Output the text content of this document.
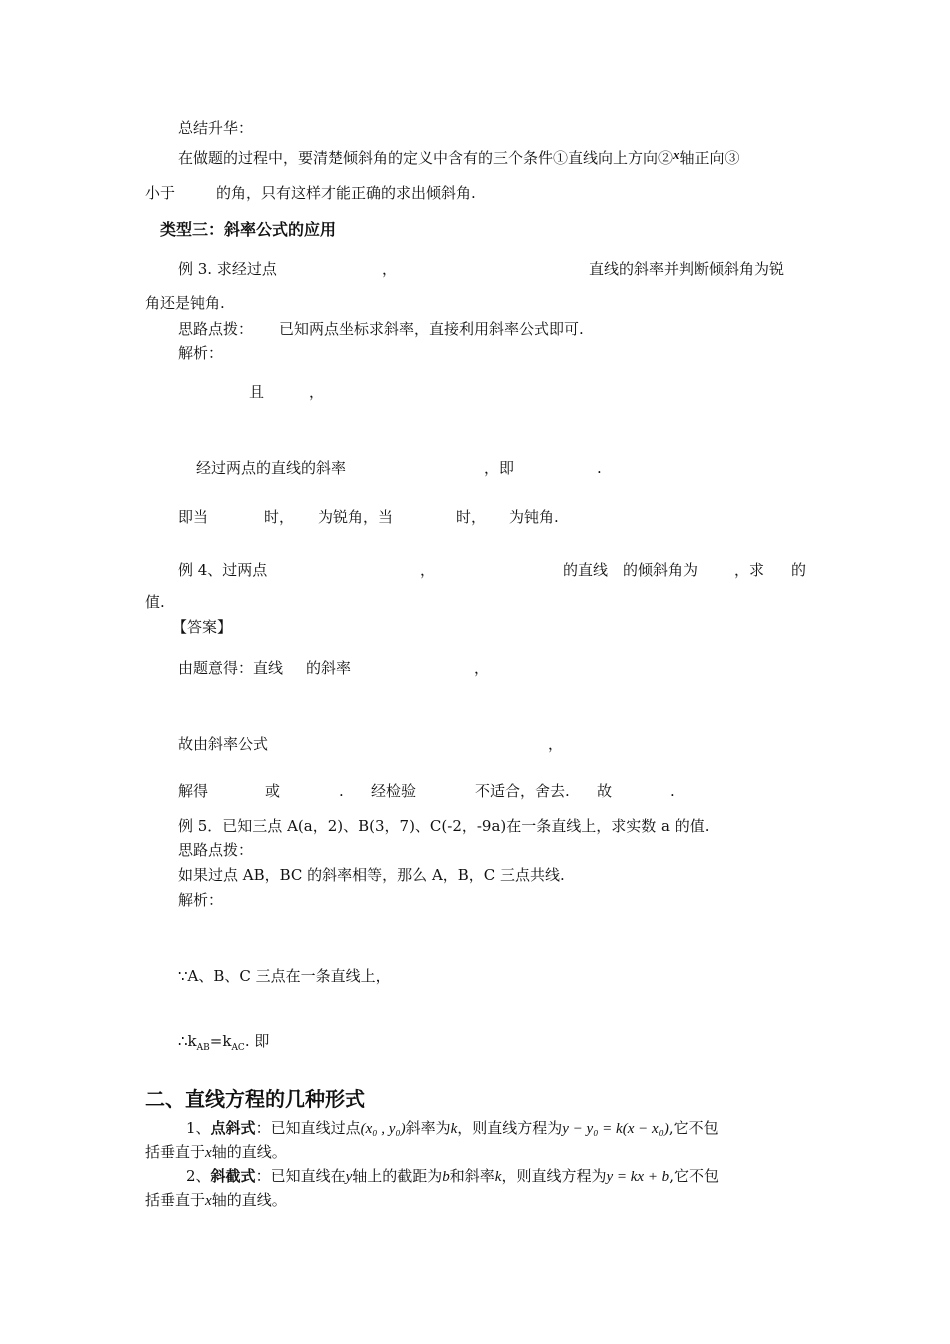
总结升华：
在做题的过程中，要清楚倾斜角的定义中含有的三个条件①直线向上方向②x轴正向③
小于	的角，只有这样才能正确的求出倾斜角.
类型三：斜率公式的应用
例 3. 求经过点	，	直线的斜率并判断倾斜角为锐
角还是钝角.
思路点拨： 已知两点坐标求斜率，直接利用斜率公式即可.
解析：
且	，
经过两点的直线的斜率	，即	.
即当	时， 为锐角，当	时， 为钝角.
例 4、过两点	，	的直线 的倾斜角为 ，求 的
值.
【答案】
由题意得：直线 的斜率	，
故由斜率公式	，
解得	或	. 经检验	不适合，舍去. 故	.
例 5．已知三点 A(a，2)、B(3，7)、C(-2，-9a)在一条直线上，求实数 a 的值.
思路点拨：
如果过点 AB，BC 的斜率相等，那么 A，B，C 三点共线.
解析：
∵A、B、C 三点在一条直线上，
$\therefore k_{AB}=k_{AC}$. 即
二、直线方程的几种形式
1、点斜式：已知直线过点(x₀ , y₀)斜率为k，则直线方程为y − y₀ = k(x − x₀),它不包
括垂直于x轴的直线。
2、斜截式：已知直线在y轴上的截距为b和斜率k，则直线方程为y = kx + b,它不包
括垂直于x轴的直线。
